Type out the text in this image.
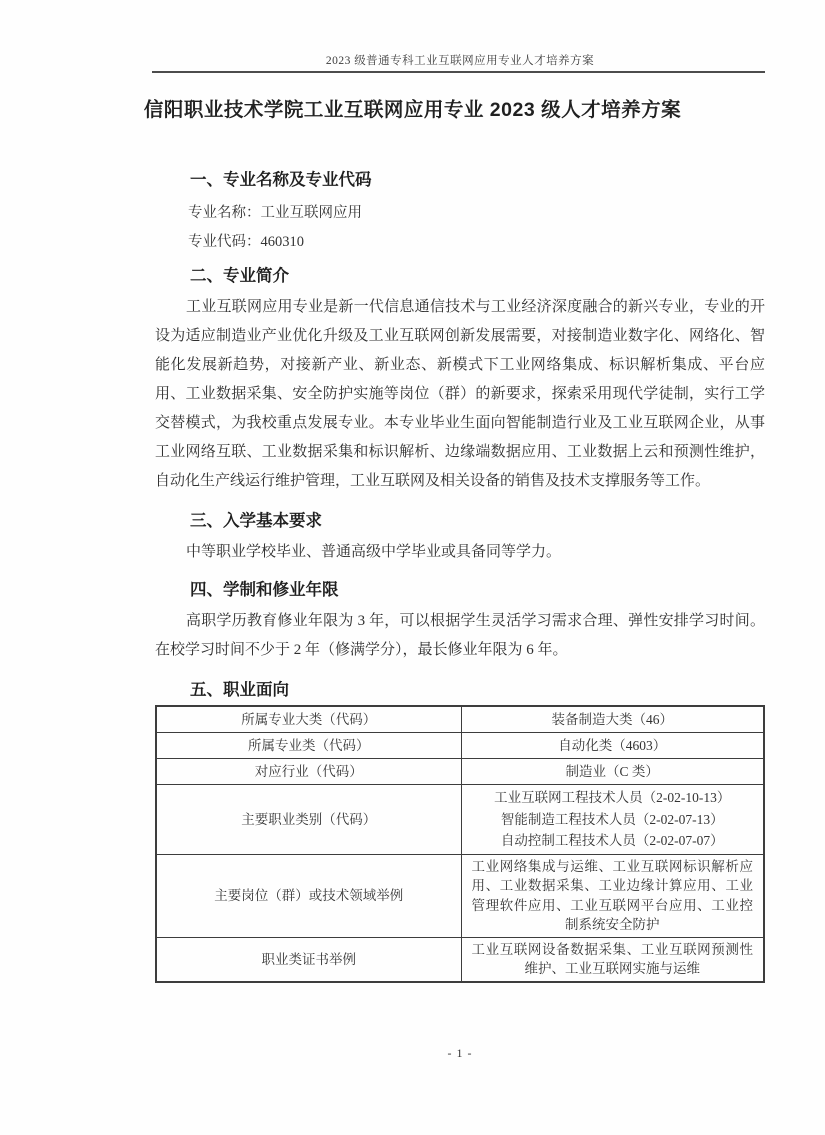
2023 级普通专科工业互联网应用专业人才培养方案
信阳职业技术学院工业互联网应用专业 2023 级人才培养方案
一、专业名称及专业代码

专业名称：工业互联网应用

专业代码：460310

二、专业简介

工业互联网应用专业是新一代信息通信技术与工业经济深度融合的新兴专业，专业的开设为适应制造业产业优化升级及工业互联网创新发展需要，对接制造业数字化、网络化、智能化发展新趋势，对接新产业、新业态、新模式下工业网络集成、标识解析集成、平台应用、工业数据采集、安全防护实施等岗位（群）的新要求，探索采用现代学徒制，实行工学交替模式，为我校重点发展专业。本专业毕业生面向智能制造行业及工业互联网企业，从事工业网络互联、工业数据采集和标识解析、边缘端数据应用、工业数据上云和预测性维护，自动化生产线运行维护管理，工业互联网及相关设备的销售及技术支撑服务等工作。

三、入学基本要求

中等职业学校毕业、普通高级中学毕业或具备同等学力。

四、学制和修业年限

高职学历教育修业年限为 3 年，可以根据学生灵活学习需求合理、弹性安排学习时间。在校学习时间不少于 2 年（修满学分），最长修业年限为 6 年。

五、职业面向
所属专业大类（代码）	装备制造大类（46）
所属专业类（代码）	自动化类（4603）
对应行业（代码）	制造业（C 类）
主要职业类别（代码）	工业互联网工程技术人员（2-02-10-13）
智能制造工程技术人员（2-02-07-13）
自动控制工程技术人员（2-02-07-07）

主要岗位（群）或技术领域举例	工业网络集成与运维、工业互联网标识解析应用、工业数据采集、工业边缘计算应用、工业管理软件应用、工业互联网平台应用、工业控制系统安全防护
职业类证书举例	工业互联网设备数据采集、工业互联网预测性维护、工业互联网实施与运维
- 1 -
